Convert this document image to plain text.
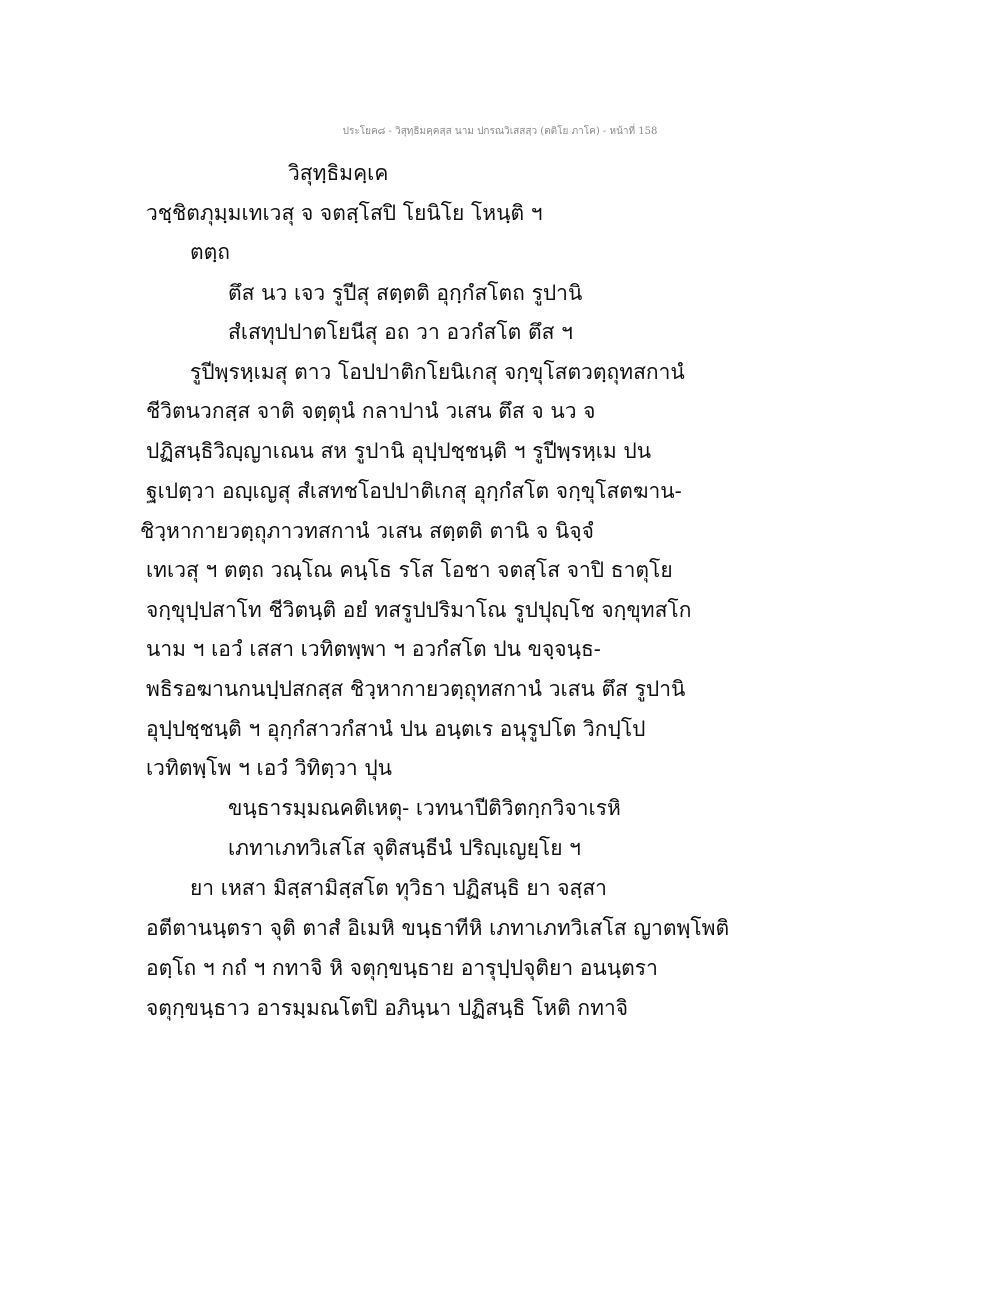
ประโยค๘ - วิสุทฺธิมคฺคสฺส นาม ปกรณวิเสสสฺว (ตติโย ภาโค) - หน้าที่ 158
วิสุทฺธิมคฺเค
วชฺชิตภุมฺมเทเวสุ จ จตสฺโสปิ โยนิโย โหนฺติ ฯ
ตตฺถ
ตึส นว เจว รูปีสุ สตฺตติ อุกฺกํสโตถ รูปานิ
สํเสทุปปาตโยนีสุ อถ วา อวกํสโต ตึส ฯ
รูปีพฺรหฺเมสุ ตาว โอปปาติกโยนิเกสุ จกฺขุโสตวตฺถุทสกานํ
ชีวิตนวกสฺส จาติ จตฺตุนํ กลาปานํ วเสน ตึส จ นว จ
ปฏิสนฺธิวิญฺญาเณน สห รูปานิ อุปฺปชฺชนฺติ ฯ รูปีพฺรหฺเม ปน
ฐเปตฺวา อญฺเญสุ สํเสทชโอปปาติเกสุ อุกฺกํสโต จกฺขุโสตฆาน-
ชิวฺหากายวตฺถุภาวทสกานํ วเสน สตฺตติ ตานิ จ นิจฺจํ
เทเวสุ ฯ ตตฺถ วณฺโณ คนฺโธ รโส โอชา จตสฺโส จาปิ ธาตุโย
จกฺขุปฺปสาโท ชีวิตนฺติ อยํ ทสรูปปริมาโณ รูปปุญฺโช จกฺขุทสโก
นาม ฯ เอวํ เสสา เวทิตพฺพา ฯ อวกํสโต ปน ขจฺจนฺธ-
พธิรอฆานกนปฺปสกสฺส ชิวฺหากายวตฺถุทสกานํ วเสน ตึส รูปานิ
อุปฺปชฺชนฺติ ฯ อุกฺกํสาวกํสานํ ปน อนฺตเร อนุรูปโต วิกปฺโป
เวทิตพฺโพ ฯ เอวํ วิทิตฺวา ปุน
ขนฺธารมฺมณคติเหตุ- เวทนาปีติวิตกฺกวิจาเรหิ
เภทาเภทวิเสโส จุติสนฺธีนํ ปริญฺเญยฺโย ฯ
ยา เหสา มิสฺสามิสฺสโต ทุวิธา ปฏิสนฺธิ ยา จสฺสา
อตีตานนฺตรา จุติ ตาสํ อิเมหิ ขนฺธาทีหิ เภทาเภทวิเสโส ญาตพฺโพติ
อตฺโถ ฯ กถํ ฯ กทาจิ หิ จตุกฺขนฺธาย อารุปฺปจุติยา อนนฺตรา
จตุกฺขนฺธาว อารมฺมณโตปิ อภินฺนา ปฏิสนฺธิ โหติ กทาจิ
